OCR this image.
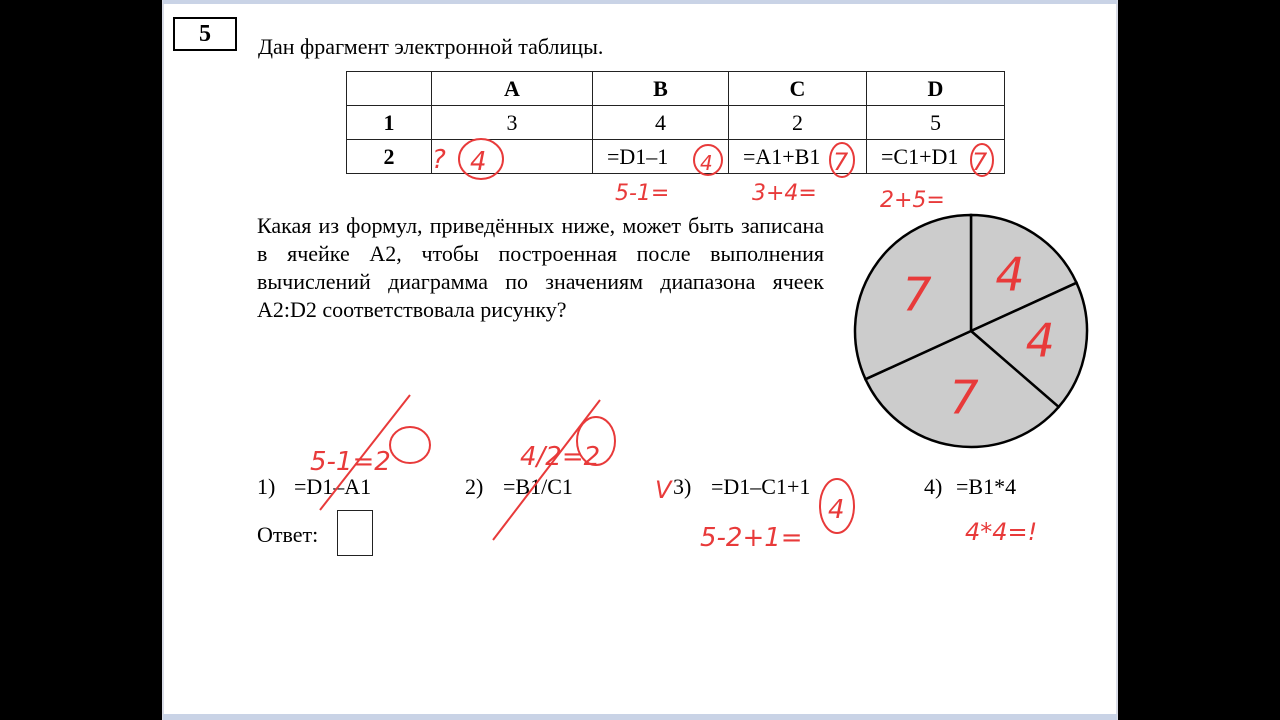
5	Дан фрагмент электронной таблицы.
	A	B	C	D
1	3	4	2	5
2		=D1–1	=A1+B1	=C1+D1
Какая из формул, приведённых ниже, может быть записана в ячейке A2, чтобы построенная после выполнения вычислений диаграмма по значениям диапазона ячеек A2:D2 соответствовала рисунку?
1) =D1–A1	2) =B1/C1	3) =D1–C1+1	4) =B1*4
Ответ:
4
4
7
7
? 4	4	7	7
5-1=	3+4=	2+5=
5-1=2	4/2=2
V
5-2+1=
4
4*4=!
